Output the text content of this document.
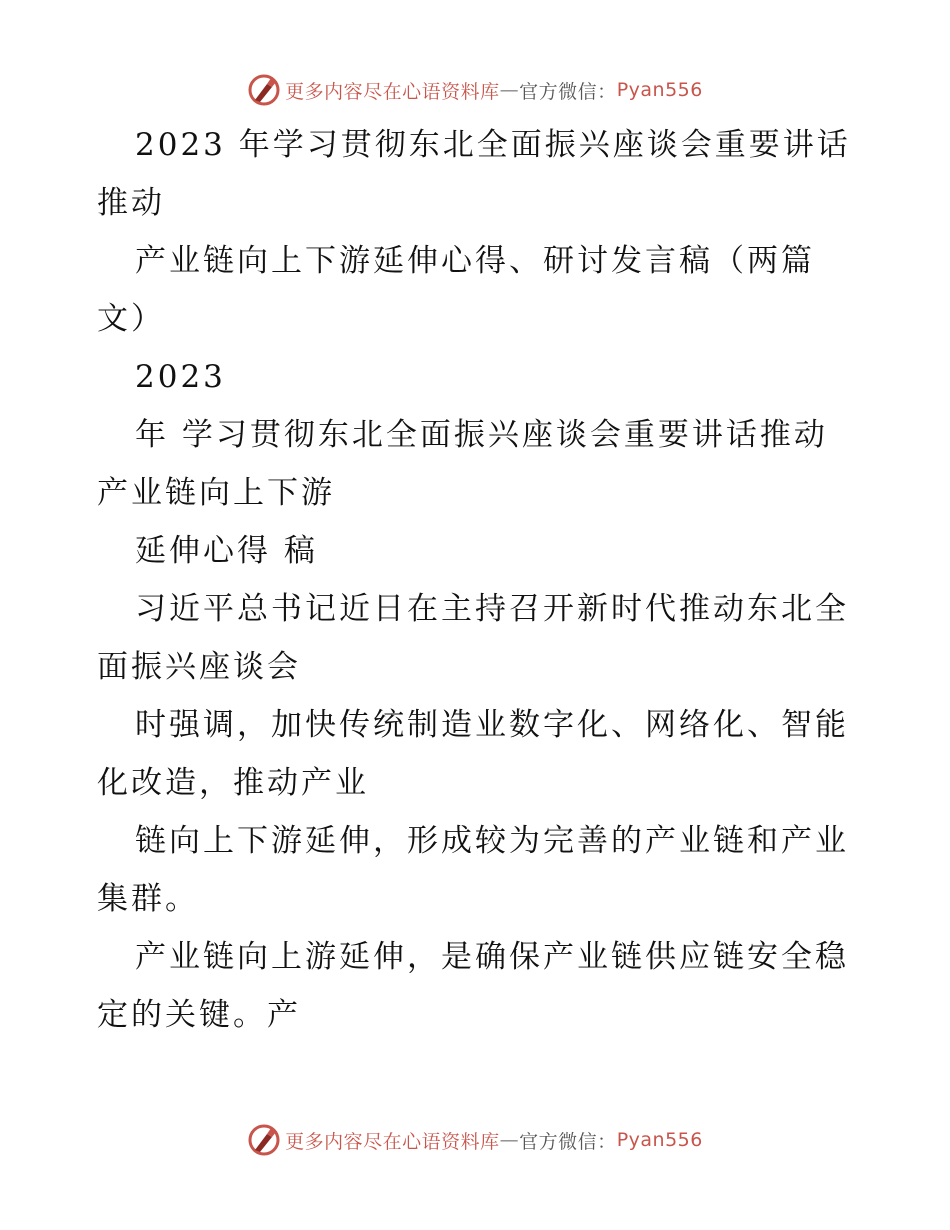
更多内容尽在心语资料库 — 官方微信： Pyan556

2023 年学习贯彻东北全面振兴座谈会重要讲话

推动

产业链向上下游延伸心得、研讨发言稿（两篇

文）

2023

年 学习贯彻东北全面振兴座谈会重要讲话推动

产业链向上下游

延伸心得 稿

习近平总书记近日在主持召开新时代推动东北全

面振兴座谈会

时强调，加快传统制造业数字化、网络化、智能

化改造，推动产业

链向上下游延伸，形成较为完善的产业链和产业

集群。

产业链向上游延伸，是确保产业链供应链安全稳

定的关键。产

更多内容尽在心语资料库 — 官方微信： Pyan556
